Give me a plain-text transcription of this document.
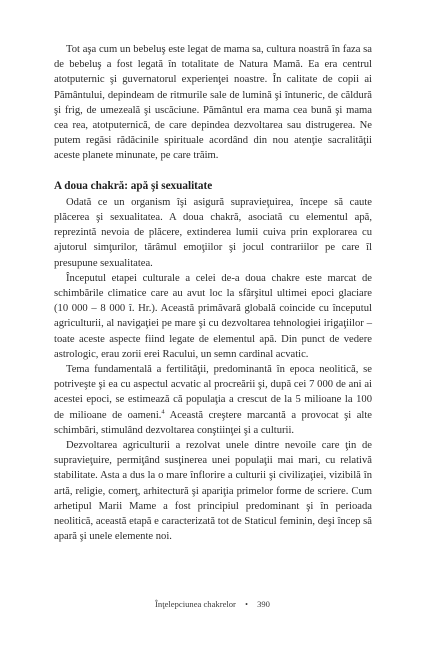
Tot aşa cum un bebeluş este legat de mama sa, cultura noastră în faza sa de bebeluş a fost legată în totalitate de Natura Mamă. Ea era centrul atotputernic şi guvernatorul experienţei noastre. În calitate de copii ai Pământului, depindeam de ritmurile sale de lumină şi întuneric, de căldură şi frig, de umezeală şi uscăciune. Pământul era mama cea bună şi mama cea rea, atotputernică, de care depindea dezvoltarea sau distrugerea. Ne putem regăsi rădăcinile spirituale acordând din nou atenţie sacralităţii aceste planete minunate, pe care trăim.

A doua chakră: apă şi sexualitate

Odată ce un organism îşi asigură supravieţuirea, începe să caute plăcerea şi sexualitatea. A doua chakră, asociată cu elementul apă, reprezintă nevoia de plăcere, extinderea lumii cuiva prin explorarea cu ajutorul simţurilor, tărâmul emoţiilor şi jocul contrariilor pe care îl presupune sexualitatea.

Începutul etapei culturale a celei de-a doua chakre este marcat de schimbările climatice care au avut loc la sfârşitul ultimei epoci glaciare (10 000 – 8 000 î. Hr.). Această primăvară globală coincide cu începutul agriculturii, al navigaţiei pe mare şi cu dezvoltarea tehnologiei irigaţiilor – toate aceste aspecte fiind legate de elementul apă. Din punct de vedere astrologic, erau zorii erei Racului, un semn cardinal acvatic.

Tema fundamentală a fertilităţii, predominantă în epoca neolitică, se potriveşte şi ea cu aspectul acvatic al procreării şi, după cei 7 000 de ani ai acestei epoci, se estimează că populaţia a crescut de la 5 milioane la 100 de milioane de oameni.$^4$ Această creştere marcantă a provocat şi alte schimbări, stimulând dezvoltarea conştiinţei şi a culturii.

Dezvoltarea agriculturii a rezolvat unele dintre nevoile care ţin de supravieţuire, permiţând susţinerea unei populaţii mai mari, cu relativă stabilitate. Asta a dus la o mare înflorire a culturii şi civilizaţiei, vizibilă în artă, religie, comerţ, arhitectură şi apariţia primelor forme de scriere. Cum arhetipul Marii Mame a fost principiul predominant şi în perioada neolitică, această etapă e caracterizată tot de Staticul feminin, deşi încep să apară şi unele elemente noi.

Înţelepciunea chakrelor • 390
